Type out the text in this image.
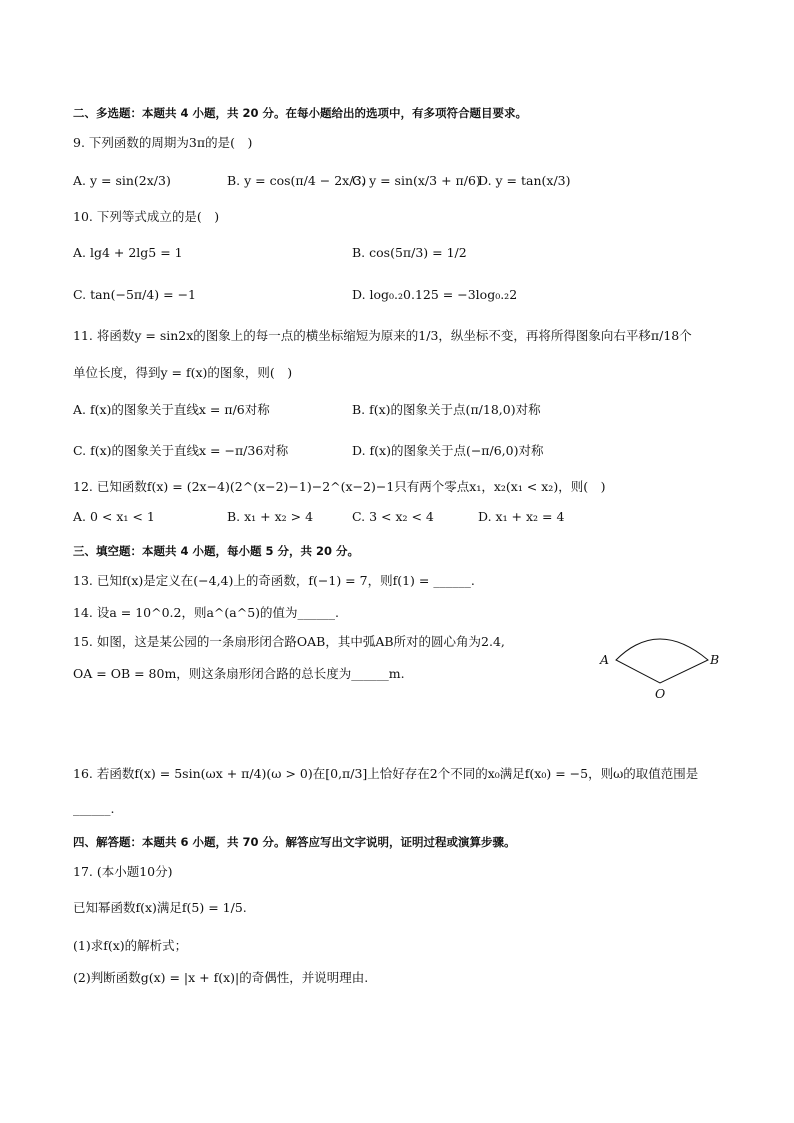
二、多选题：本题共 4 小题，共 20 分。在每小题给出的选项中，有多项符合题目要求。
9. 下列函数的周期为3π的是(　)
A. y = sin(2x/3)	B. y = cos(π/4 − 2x/3)
C. y = sin(x/3 + π/6)
D. y = tan(x/3)
10. 下列等式成立的是(　)
A. lg4 + 2lg5 = 1	B. cos(5π/3) = 1/2
C. tan(−5π/4) = −1	D. log₀.₂0.125 = −3log₀.₂2
11. 将函数y = sin2x的图象上的每一点的横坐标缩短为原来的1/3，纵坐标不变，再将所得图象向右平移π/18个
单位长度，得到y = f(x)的图象，则(　)
A. f(x)的图象关于直线x = π/6对称	B. f(x)的图象关于点(π/18,0)对称
C. f(x)的图象关于直线x = −π/36对称	D. f(x)的图象关于点(−π/6,0)对称
12. 已知函数f(x) = (2x−4)(2^(x−2)−1)−2^(x−2)−1只有两个零点x₁，x₂(x₁ < x₂)，则(　)
A. 0 < x₁ < 1	B. x₁ + x₂ > 4	C. 3 < x₂ < 4	D. x₁ + x₂ = 4
三、填空题：本题共 4 小题，每小题 5 分，共 20 分。
13. 已知f(x)是定义在(−4,4)上的奇函数，f(−1) = 7，则f(1) = ______.
14. 设a = 10^0.2，则a^(a^5)的值为______.
15. 如图，这是某公园的一条扇形闭合路OAB，其中弧AB所对的圆心角为2.4,
OA = OB = 80m，则这条扇形闭合路的总长度为______m.
A	B
O
16. 若函数f(x) = 5sin(ωx + π/4)(ω > 0)在[0,π/3]上恰好存在2个不同的x₀满足f(x₀) = −5，则ω的取值范围是
______.
四、解答题：本题共 6 小题，共 70 分。解答应写出文字说明，证明过程或演算步骤。
17. (本小题10分)
已知幂函数f(x)满足f(5) = 1/5.
(1)求f(x)的解析式；
(2)判断函数g(x) = |x + f(x)|的奇偶性，并说明理由.
